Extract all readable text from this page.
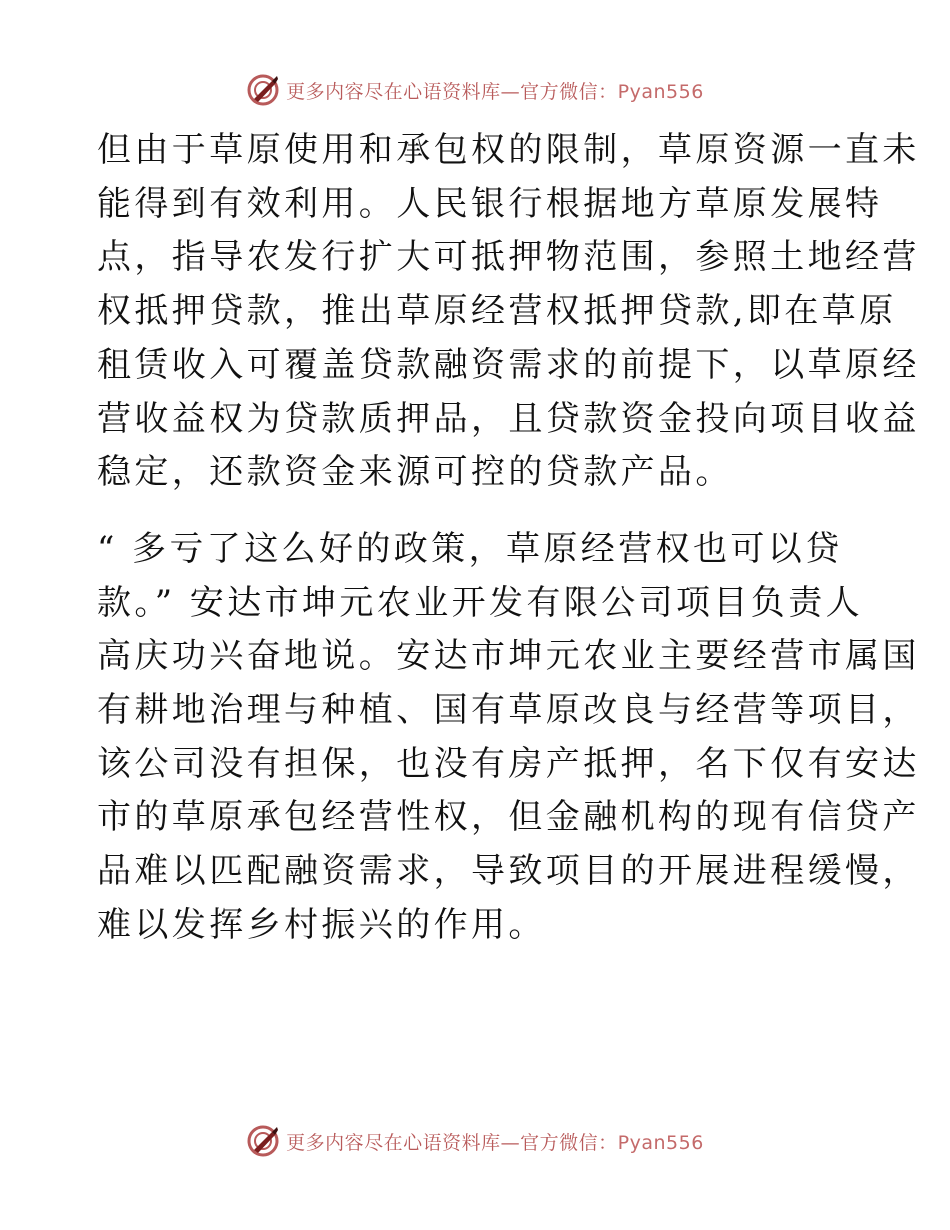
更多内容尽在心语资料库—官方微信：Pyan556

但由于草原使用和承包权的限制，草原资源一直未
能得到有效利用。人民银行根据地方草原发展特
点，指导农发行扩大可抵押物范围，参照土地经营
权抵押贷款，推出草原经营权抵押贷款,即在草原
租赁收入可覆盖贷款融资需求的前提下，以草原经
营收益权为贷款质押品，且贷款资金投向项目收益
稳定，还款资金来源可控的贷款产品。

“ 多亏了这么好的政策，草原经营权也可以贷
款。” 安达市坤元农业开发有限公司项目负责人
高庆功兴奋地说。安达市坤元农业主要经营市属国
有耕地治理与种植、国有草原改良与经营等项目，
该公司没有担保，也没有房产抵押，名下仅有安达
市的草原承包经营性权，但金融机构的现有信贷产
品难以匹配融资需求，导致项目的开展进程缓慢，
难以发挥乡村振兴的作用。

更多内容尽在心语资料库—官方微信：Pyan556
